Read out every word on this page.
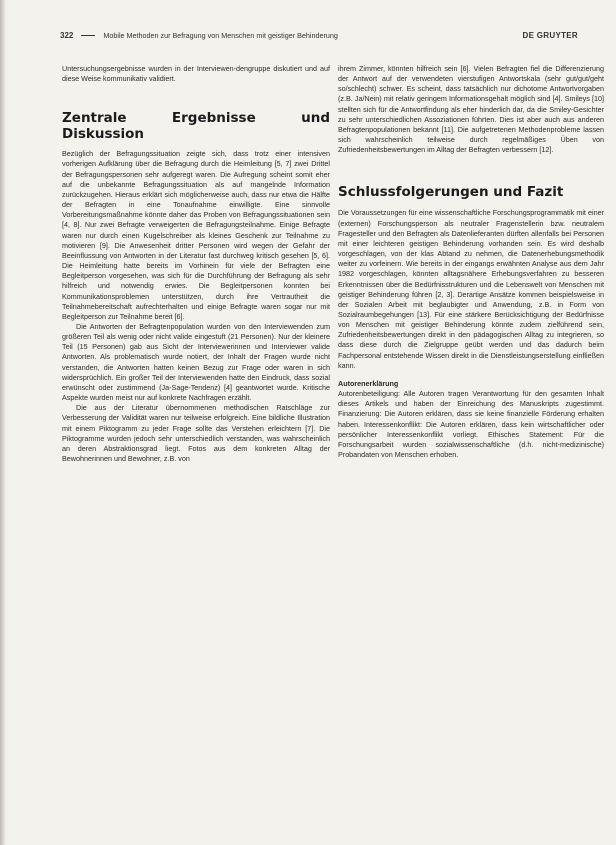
322	Mobile Methoden zur Befragung von Menschen mit geistiger Behinderung	DE GRUYTER

Untersuchungsergebnisse wurden in der Interviewen-dengruppe diskutiert und auf diese Weise kommunikativ validiert.

Zentrale Ergebnisse und Diskussion

Bezüglich der Befragungssituation zeigte sich, dass trotz einer intensiven vorherigen Aufklärung über die Befragung durch die Heimleitung [5, 7] zwei Drittel der Befragungspersonen sehr aufgeregt waren. Die Aufregung scheint somit eher auf die unbekannte Befragungssituation als auf mangelnde Information zurückzugehen. Hieraus erklärt sich möglicherweise auch, dass nur etwa die Hälfte der Befragten in eine Tonaufnahme einwilligte. Eine sinnvolle Vorbereitungsmaßnahme könnte daher das Proben von Befragungssituationen sein [4, 8]. Nur zwei Befragte verweigerten die Befragungsteilnahme. Einige Befragte waren nur durch einen Kugelschreiber als kleines Geschenk zur Teilnahme zu motivieren [9]. Die Anwesenheit dritter Personen wird wegen der Gefahr der Beeinflussung von Antworten in der Literatur fast durchweg kritisch gesehen [5, 6]. Die Heimleitung hatte bereits im Vorhinein für viele der Befragten eine Begleitperson vorgesehen, was sich für die Durchführung der Befragung als sehr hilfreich und notwendig erwies. Die Begleitpersonen konnten bei Kommunikationsproblemen unterstützen, durch ihre Vertrautheit die Teilnahmebereitschaft aufrechterhalten und einige Befragte waren sogar nur mit Begleitperson zur Teilnahme bereit [6].

Die Antworten der Befragtenpopulation wurden von den Interviewenden zum größeren Teil als wenig oder nicht valide eingestuft (21 Personen). Nur der kleinere Teil (15 Personen) gab aus Sicht der Interviewerinnen und Interviewer valide Antworten. Als problematisch wurde notiert, der Inhalt der Fragen wurde nicht verstanden, die Antworten hatten keinen Bezug zur Frage oder waren in sich widersprüchlich. Ein großer Teil der Interviewenden hatte den Eindruck, dass sozial erwünscht oder zustimmend (Ja-Sage-Tendenz) [4] geantwortet wurde. Kritische Aspekte wurden meist nur auf konkrete Nachfragen erzählt.

Die aus der Literatur übernommenen methodischen Ratschläge zur Verbesserung der Validität waren nur teilweise erfolgreich. Eine bildliche Illustration mit einem Piktogramm zu jeder Frage sollte das Verstehen erleichtern [7]. Die Piktogramme wurden jedoch sehr unterschiedlich verstanden, was wahrscheinlich an deren Abstraktionsgrad liegt. Fotos aus dem konkreten Alltag der Bewohnerinnen und Bewohner, z.B. von

ihrem Zimmer, könnten hilfreich sein [6]. Vielen Befragten fiel die Differenzierung der Antwort auf der verwendeten vierstufigen Antwortskala (sehr gut/gut/geht so/schlecht) schwer. Es scheint, dass tatsächlich nur dichotome Antwortvorgaben (z.B. Ja/Nein) mit relativ geringem Informationsgehalt möglich sind [4]. Smileys [10] stellten sich für die Antwortfindung als eher hinderlich dar, da die Smiley-Gesichter zu sehr unterschiedlichen Assoziationen führten. Dies ist aber auch aus anderen Befragtenpopulationen bekannt [11]. Die aufgetretenen Methodenprobleme lassen sich wahrscheinlich teilweise durch regelmäßiges Üben von Zufriedenheitsbewertungen im Alltag der Befragten verbessern [12].

Schlussfolgerungen und Fazit

Die Voraussetzungen für eine wissenschaftliche Forschungsprogrammatik mit einer (externen) Forschungsperson als neutraler Fragenstellerin bzw. neutralem Fragesteller und den Befragten als Datenlieferanten dürften allenfalls bei Personen mit einer leichteren geistigen Behinderung vorhanden sein. Es wird deshalb vorgeschlagen, von der klas Abtand zu nehmen, die Datenerhebungsmethodik weiter zu vorfeinern. Wie bereits in der eingangs erwähnten Analyse aus dem Jahr 1982 vorgeschlagen, könnten alltagsnähere Erhebungsverfahren zu besseren Erkenntnissen über die Bedürfnisstrukturen und die Lebenswelt von Menschen mit geistiger Behinderung führen [2, 3]. Derartige Ansätze kommen beispielsweise in der Sozialen Arbeit mit beglaubigter und Anwendung, z.B. in Form von Sozialraumbegehungen [13]. Für eine stärkere Berücksichtigung der Bedürfnisse von Menschen mit geistiger Behinderung könnte zudem zielführend sein, Zufriedenheitsbewertungen direkt in den pädagogischen Alltag zu integrieren, so dass diese durch die Zielgruppe geübt werden und das dadurch beim Fachpersonal entstehende Wissen direkt in die Dienstleistungserstellung einfließen kann.

Autorenerklärung

Autorenbeteiligung: Alle Autoren tragen Verantwortung für den gesamten Inhalt dieses Artikels und haben der Einreichung des Manuskripts zugestimmt. Finanzierung: Die Autoren erklären, dass sie keine finanzielle Förderung erhalten haben. Interessenkonflikt: Die Autoren erklären, dass kein wirtschaftlicher oder persönlicher Interessenkonflikt vorliegt. Ethisches Statement: Für die Forschungsarbeit wurden sozialwissenschaftliche (d.h. nicht-medizinische) Probandaten von Menschen erhoben.
